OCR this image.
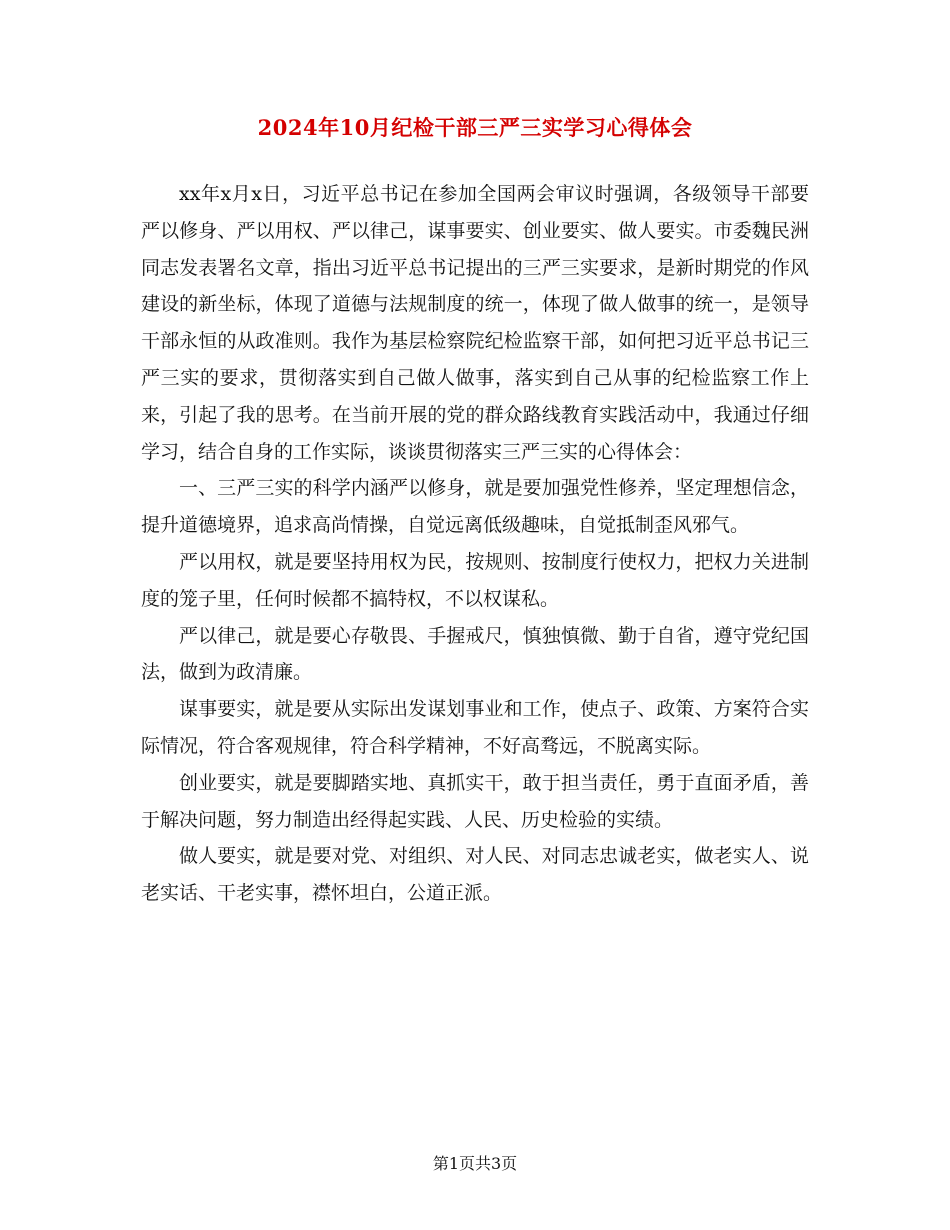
2024年10月纪检干部三严三实学习心得体会

xx年x月x日，习近平总书记在参加全国两会审议时强调，各级领导干部要严以修身、严以用权、严以律己，谋事要实、创业要实、做人要实。市委魏民洲同志发表署名文章，指出习近平总书记提出的三严三实要求，是新时期党的作风建设的新坐标，体现了道德与法规制度的统一，体现了做人做事的统一，是领导干部永恒的从政准则。我作为基层检察院纪检监察干部，如何把习近平总书记三严三实的要求，贯彻落实到自己做人做事，落实到自己从事的纪检监察工作上来，引起了我的思考。在当前开展的党的群众路线教育实践活动中，我通过仔细学习，结合自身的工作实际，谈谈贯彻落实三严三实的心得体会：

一、三严三实的科学内涵严以修身，就是要加强党性修养，坚定理想信念，提升道德境界，追求高尚情操，自觉远离低级趣味，自觉抵制歪风邪气。

严以用权，就是要坚持用权为民，按规则、按制度行使权力，把权力关进制度的笼子里，任何时候都不搞特权，不以权谋私。

严以律己，就是要心存敬畏、手握戒尺，慎独慎微、勤于自省，遵守党纪国法，做到为政清廉。

谋事要实，就是要从实际出发谋划事业和工作，使点子、政策、方案符合实际情况，符合客观规律，符合科学精神，不好高骛远，不脱离实际。

创业要实，就是要脚踏实地、真抓实干，敢于担当责任，勇于直面矛盾，善于解决问题，努力制造出经得起实践、人民、历史检验的实绩。

做人要实，就是要对党、对组织、对人民、对同志忠诚老实，做老实人、说老实话、干老实事，襟怀坦白，公道正派。

第1页共3页
